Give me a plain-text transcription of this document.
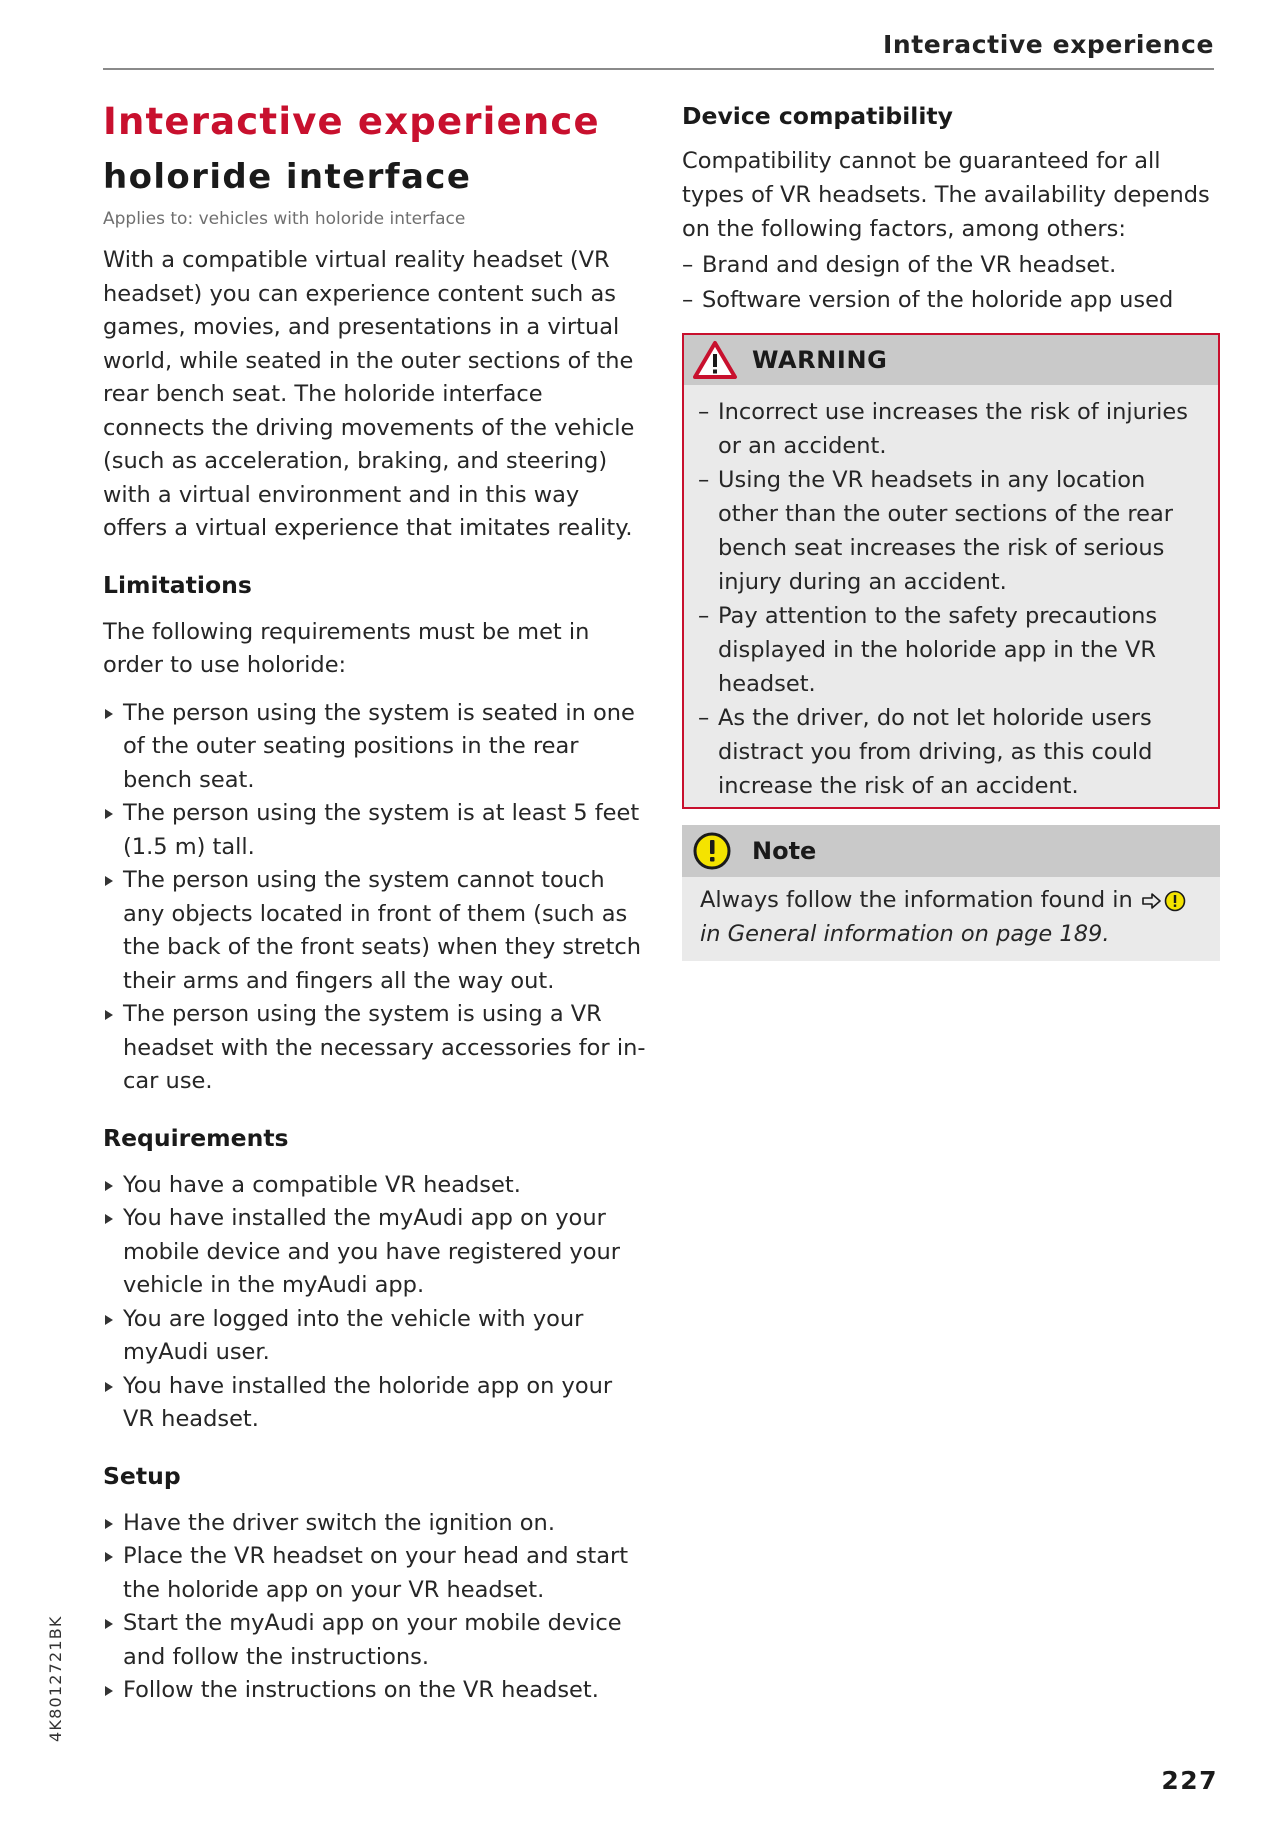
Interactive experience
Interactive experience
holoride interface
Applies to: vehicles with holoride interface

With a compatible virtual reality headset (VR headset) you can experience content such as games, movies, and presentations in a virtual world, while seated in the outer sections of the rear bench seat. The holoride interface connects the driving movements of the vehicle (such as acceleration, braking, and steering) with a virtual environment and in this way offers a virtual experience that imitates reality.

Limitations

The following requirements must be met in order to use holoride:

The person using the system is seated in one of the outer seating positions in the rear bench seat.
The person using the system is at least 5 feet (1.5 m) tall.
The person using the system cannot touch any objects located in front of them (such as the back of the front seats) when they stretch their arms and fingers all the way out.
The person using the system is using a VR headset with the necessary accessories for in-car use.
Requirements
You have a compatible VR headset.
You have installed the myAudi app on your mobile device and you have registered your vehicle in the myAudi app.
You are logged into the vehicle with your myAudi user.
You have installed the holoride app on your VR headset.
Setup
Have the driver switch the ignition on.
Place the VR headset on your head and start the holoride app on your VR headset.
Start the myAudi app on your mobile device and follow the instructions.
Follow the instructions on the VR headset.
Device compatibility

Compatibility cannot be guaranteed for all types of VR headsets. The availability depends on the following factors, among others:

– Brand and design of the VR headset.
– Software version of the holoride app used
WARNING
– Incorrect use increases the risk of injuries or an accident.
– Using the VR headsets in any location other than the outer sections of the rear bench seat increases the risk of serious injury during an accident.
– Pay attention to the safety precautions displayed in the holoride app in the VR headset.
– As the driver, do not let holoride users distract you from driving, as this could increase the risk of an accident.
Note
Always follow the information found in
in General information on page 189.
4K8012721BK
227
